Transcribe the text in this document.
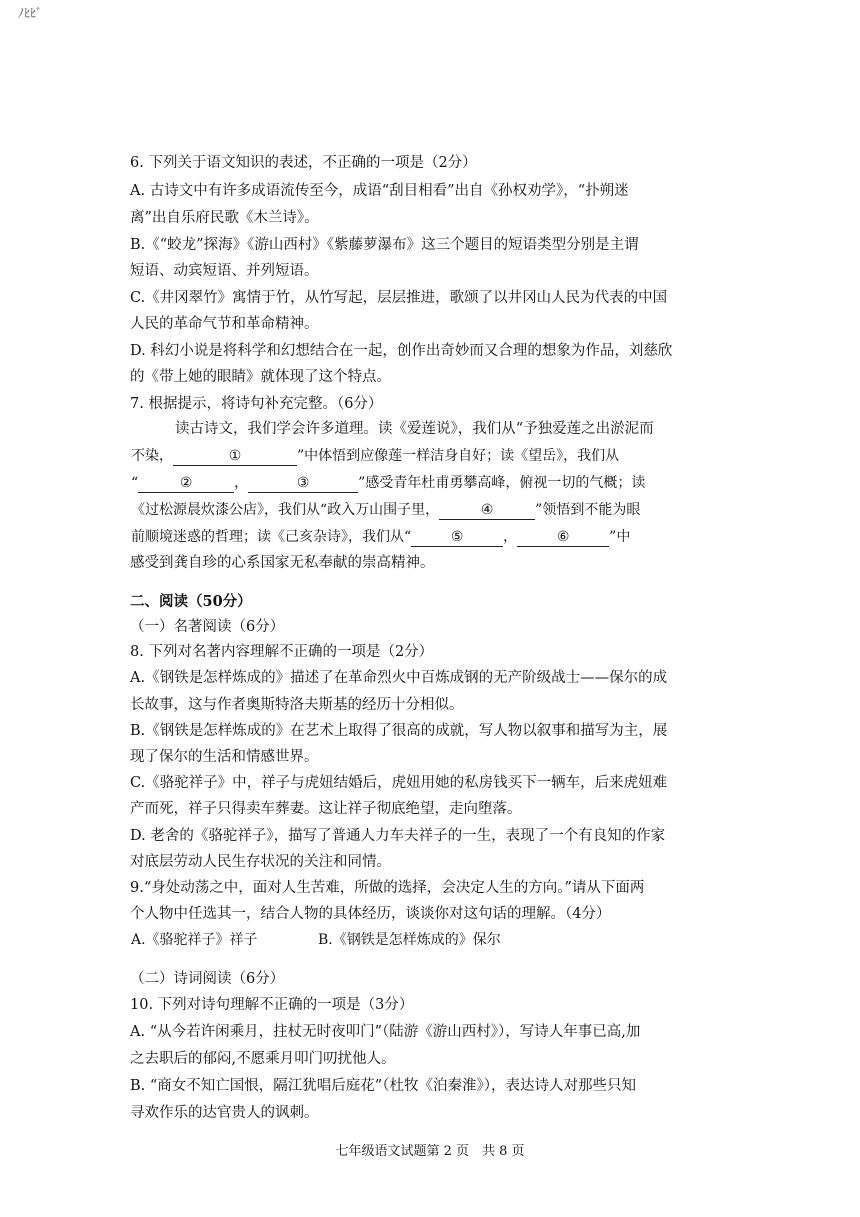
ﾉﾋﾋﾞ
6. 下列关于语文知识的表述，不正确的一项是（2分）
A. 古诗文中有许多成语流传至今，成语“刮目相看”出自《孙权劝学》，“扑朔迷
离”出自乐府民歌《木兰诗》。
B.《“蛟龙”探海》《游山西村》《紫藤萝瀑布》这三个题目的短语类型分别是主谓
短语、动宾短语、并列短语。
C.《井冈翠竹》寓情于竹，从竹写起，层层推进，歌颂了以井冈山人民为代表的中国
人民的革命气节和革命精神。
D. 科幻小说是将科学和幻想结合在一起，创作出奇妙而又合理的想象为作品，刘慈欣
的《带上她的眼睛》就体现了这个特点。
7. 根据提示，将诗句补充完整。（6分）
读古诗文，我们学会许多道理。读《爱莲说》，我们从“予独爱莲之出淤泥而
不染，	①	”中体悟到应像莲一样洁身自好；读《望岳》，我们从
“	②	，	③	”感受青年杜甫勇攀高峰，俯视一切的气概；读
《过松源晨炊漆公店》，我们从“政入万山围子里，	④	”领悟到不能为眼
前顺境迷惑的哲理；读《己亥杂诗》，我们从“	⑤	，	⑥	”中
感受到龚自珍的心系国家无私奉献的崇高精神。
二、阅读（50分）
（一）名著阅读（6分）
8. 下列对名著内容理解不正确的一项是（2分）
A.《钢铁是怎样炼成的》描述了在革命烈火中百炼成钢的无产阶级战士——保尔的成
长故事，这与作者奥斯特洛夫斯基的经历十分相似。
B.《钢铁是怎样炼成的》在艺术上取得了很高的成就，写人物以叙事和描写为主，展
现了保尔的生活和情感世界。
C.《骆驼祥子》中，祥子与虎妞结婚后，虎妞用她的私房钱买下一辆车，后来虎妞难
产而死，祥子只得卖车葬妻。这让祥子彻底绝望，走向堕落。
D. 老舍的《骆驼祥子》，描写了普通人力车夫祥子的一生，表现了一个有良知的作家
对底层劳动人民生存状况的关注和同情。
9.“身处动荡之中，面对人生苦难，所做的选择，会决定人生的方向。”请从下面两
个人物中任选其一，结合人物的具体经历，谈谈你对这句话的理解。（4分）
A.《骆驼祥子》祥子	B.《钢铁是怎样炼成的》保尔
（二）诗词阅读（6分）
10. 下列对诗句理解不正确的一项是（3分）
A. “从今若许闲乘月，拄杖无时夜叩门”（陆游《游山西村》），写诗人年事已高,加
之去职后的郁闷,不愿乘月叩门叨扰他人。
B. “商女不知亡国恨，隔江犹唱后庭花”（杜牧《泊秦淮》），表达诗人对那些只知
寻欢作乐的达官贵人的讽刺。
七年级语文试题第 2 页　共 8 页
